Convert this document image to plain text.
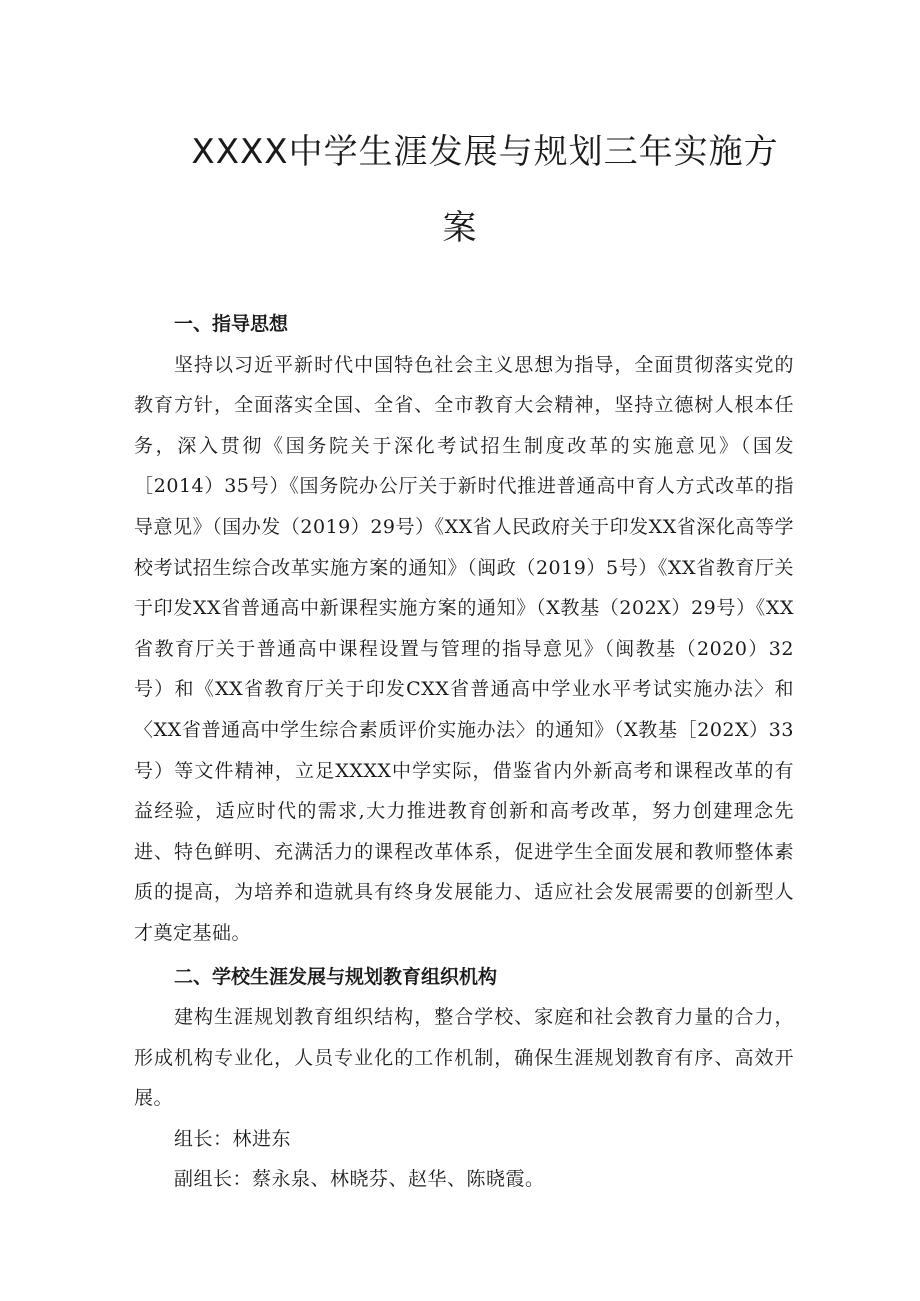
XXXX中学生涯发展与规划三年实施方
案

一、指导思想

坚持以习近平新时代中国特色社会主义思想为指导，全面贯彻落实党的教育方针，全面落实全国、全省、全市教育大会精神，坚持立德树人根本任务，深入贯彻《国务院关于深化考试招生制度改革的实施意见》（国发［2014）35号）《国务院办公厅关于新时代推进普通高中育人方式改革的指导意见》（国办发（2019）29号）《XX省人民政府关于印发XX省深化高等学校考试招生综合改革实施方案的通知》（闽政（2019）5号）《XX省教育厅关于印发XX省普通高中新课程实施方案的通知》（X教基（202X）29号）《XX省教育厅关于普通高中课程设置与管理的指导意见》（闽教基（2020）32号）和《XX省教育厅关于印发CXX省普通高中学业水平考试实施办法〉和〈XX省普通高中学生综合素质评价实施办法〉的通知》（X教基［202X）33号）等文件精神，立足XXXX中学实际，借鉴省内外新高考和课程改革的有益经验，适应时代的需求,大力推进教育创新和高考改革，努力创建理念先进、特色鲜明、充满活力的课程改革体系，促进学生全面发展和教师整体素质的提高，为培养和造就具有终身发展能力、适应社会发展需要的创新型人才奠定基础。

二、学校生涯发展与规划教育组织机构

建构生涯规划教育组织结构，整合学校、家庭和社会教育力量的合力，形成机构专业化，人员专业化的工作机制，确保生涯规划教育有序、高效开展。

组长：林进东

副组长：蔡永泉、林晓芬、赵华、陈晓霞。
